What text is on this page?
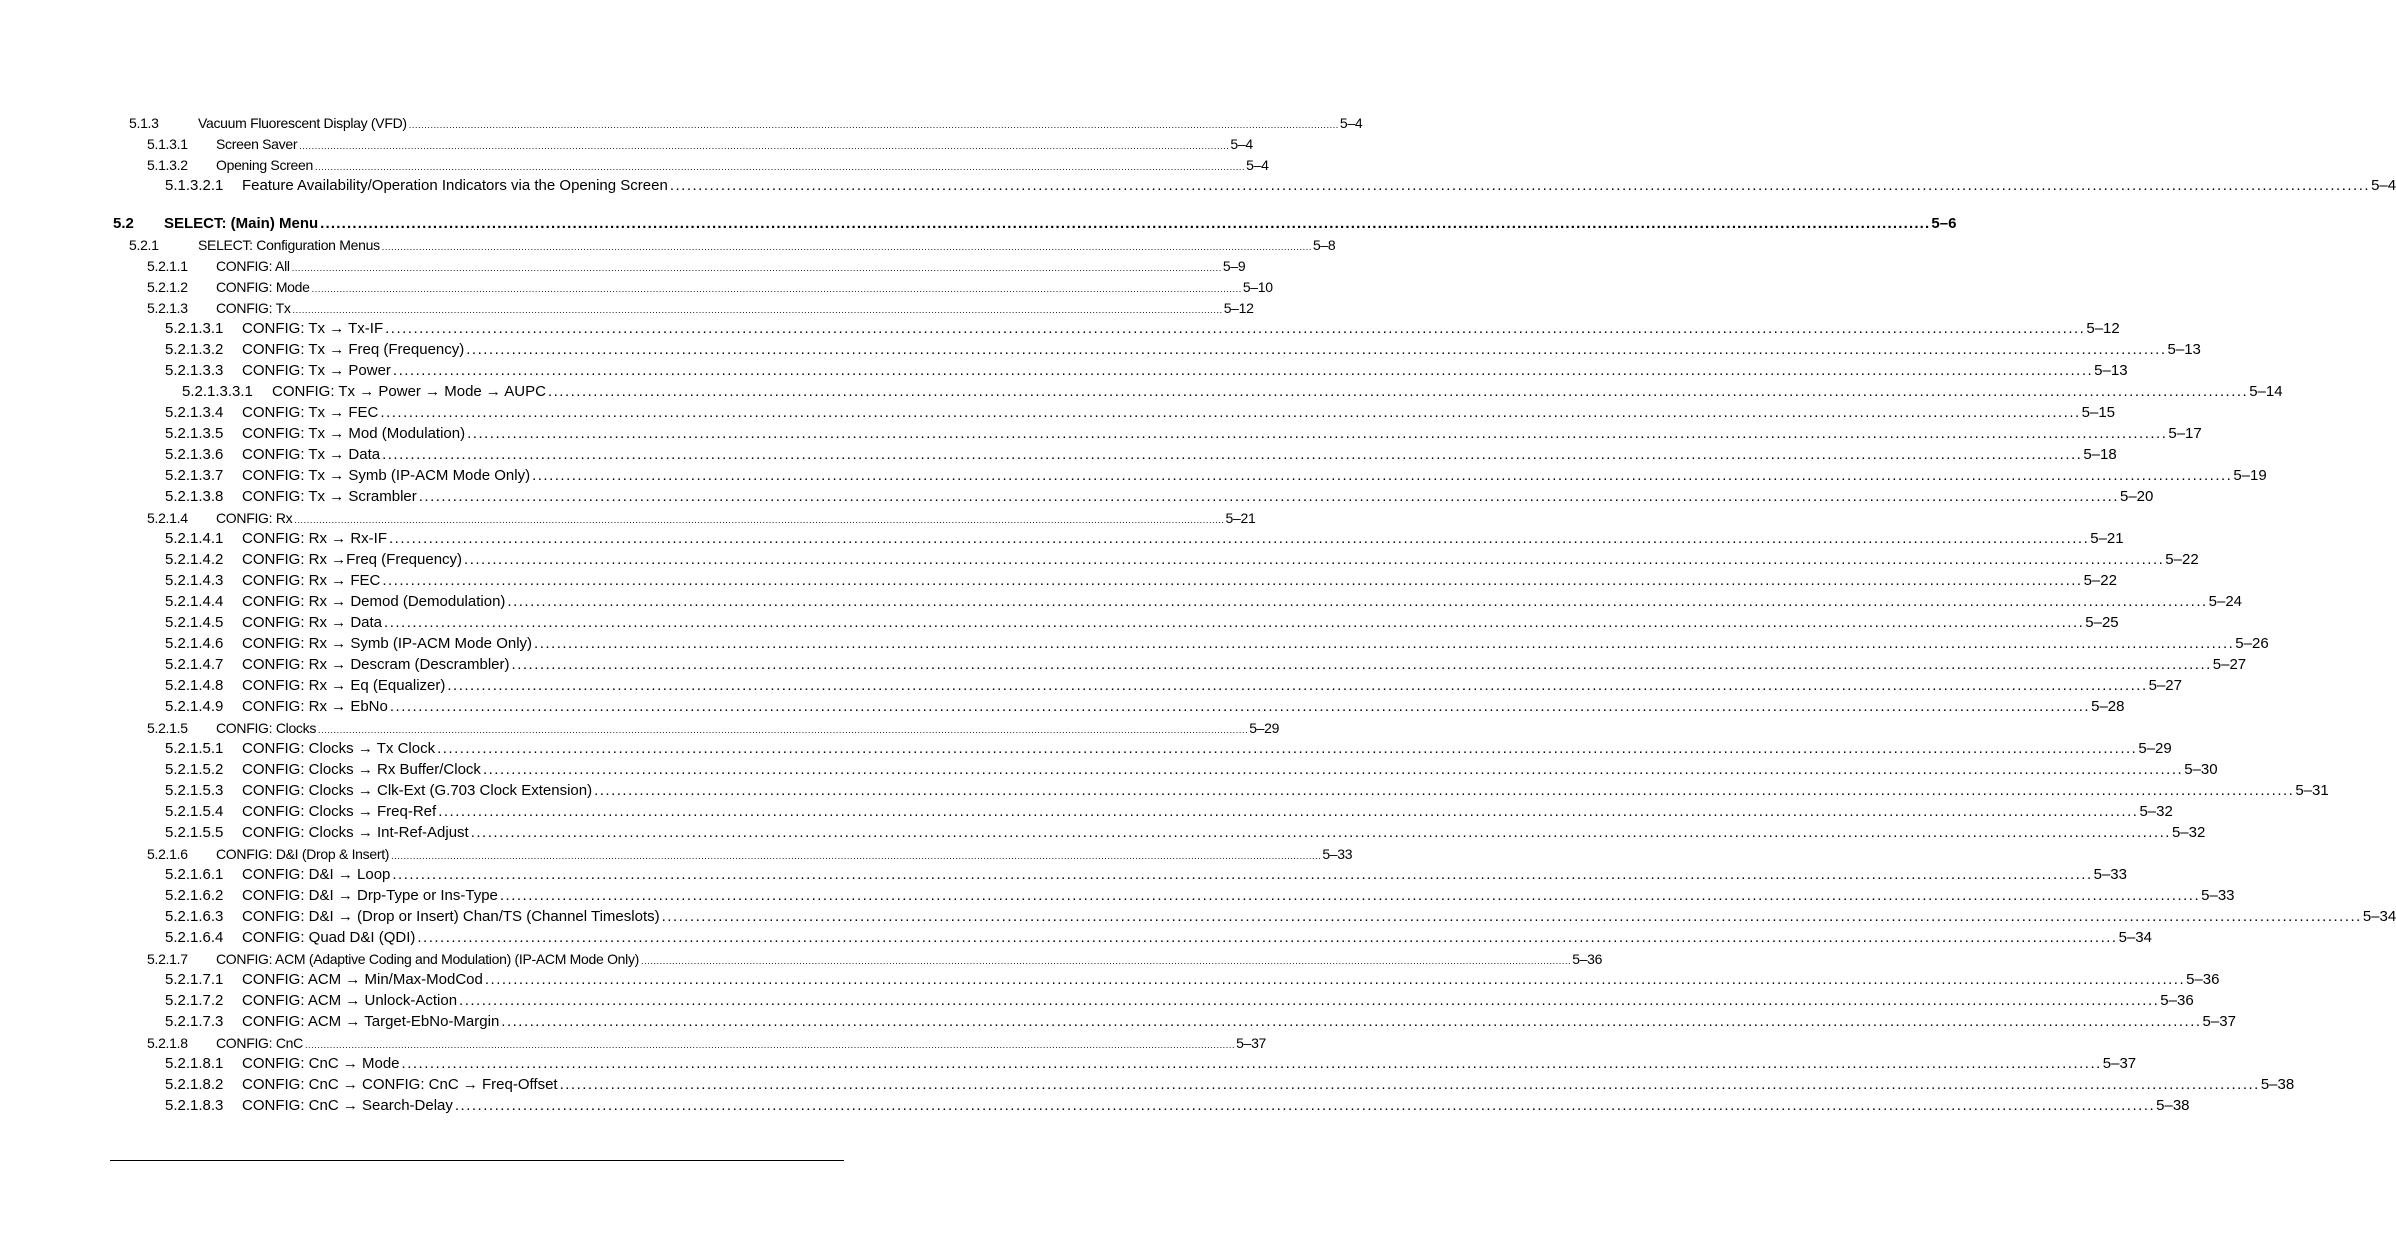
5.1.3	Vacuum Fluorescent Display (VFD) ............................................................................................................................................................................................................................................................................................................ 5–4
5.1.3.1	Screen Saver ............................................................................................................................................................................................................................................................................................................ 5–4
5.1.3.2	Opening Screen ............................................................................................................................................................................................................................................................................................................ 5–4
5.1.3.2.1	Feature Availability/Operation Indicators via the Opening Screen ............................................................................................................................................................................................................................................................................................................ 5–4
5.2	SELECT: (Main) Menu ............................................................................................................................................................................................................................................................................................................ 5–6
5.2.1	SELECT: Configuration Menus ............................................................................................................................................................................................................................................................................................................ 5–8
5.2.1.1	CONFIG: All ............................................................................................................................................................................................................................................................................................................ 5–9
5.2.1.2	CONFIG: Mode ............................................................................................................................................................................................................................................................................................................ 5–10
5.2.1.3	CONFIG: Tx ............................................................................................................................................................................................................................................................................................................ 5–12
5.2.1.3.1	CONFIG: Tx → Tx-IF ............................................................................................................................................................................................................................................................................................................ 5–12
5.2.1.3.2	CONFIG: Tx → Freq (Frequency) ............................................................................................................................................................................................................................................................................................................ 5–13
5.2.1.3.3	CONFIG: Tx → Power ............................................................................................................................................................................................................................................................................................................ 5–13
5.2.1.3.3.1	CONFIG: Tx → Power → Mode → AUPC ............................................................................................................................................................................................................................................................................................................ 5–14
5.2.1.3.4	CONFIG: Tx → FEC ............................................................................................................................................................................................................................................................................................................ 5–15
5.2.1.3.5	CONFIG: Tx → Mod (Modulation) ............................................................................................................................................................................................................................................................................................................ 5–17
5.2.1.3.6	CONFIG: Tx → Data ............................................................................................................................................................................................................................................................................................................ 5–18
5.2.1.3.7	CONFIG: Tx → Symb (IP-ACM Mode Only) ............................................................................................................................................................................................................................................................................................................ 5–19
5.2.1.3.8	CONFIG: Tx → Scrambler ............................................................................................................................................................................................................................................................................................................ 5–20
5.2.1.4	CONFIG: Rx ............................................................................................................................................................................................................................................................................................................ 5–21
5.2.1.4.1	CONFIG: Rx → Rx-IF ............................................................................................................................................................................................................................................................................................................ 5–21
5.2.1.4.2	CONFIG: Rx →Freq (Frequency) ............................................................................................................................................................................................................................................................................................................ 5–22
5.2.1.4.3	CONFIG: Rx → FEC ............................................................................................................................................................................................................................................................................................................ 5–22
5.2.1.4.4	CONFIG: Rx → Demod (Demodulation) ............................................................................................................................................................................................................................................................................................................ 5–24
5.2.1.4.5	CONFIG: Rx → Data ............................................................................................................................................................................................................................................................................................................ 5–25
5.2.1.4.6	CONFIG: Rx → Symb (IP-ACM Mode Only) ............................................................................................................................................................................................................................................................................................................ 5–26
5.2.1.4.7	CONFIG: Rx → Descram (Descrambler) ............................................................................................................................................................................................................................................................................................................ 5–27
5.2.1.4.8	CONFIG: Rx → Eq (Equalizer) ............................................................................................................................................................................................................................................................................................................ 5–27
5.2.1.4.9	CONFIG: Rx → EbNo ............................................................................................................................................................................................................................................................................................................ 5–28
5.2.1.5	CONFIG: Clocks ............................................................................................................................................................................................................................................................................................................ 5–29
5.2.1.5.1	CONFIG: Clocks → Tx Clock ............................................................................................................................................................................................................................................................................................................ 5–29
5.2.1.5.2	CONFIG: Clocks → Rx Buffer/Clock ............................................................................................................................................................................................................................................................................................................ 5–30
5.2.1.5.3	CONFIG: Clocks → Clk-Ext (G.703 Clock Extension) ............................................................................................................................................................................................................................................................................................................ 5–31
5.2.1.5.4	CONFIG: Clocks → Freq-Ref ............................................................................................................................................................................................................................................................................................................ 5–32
5.2.1.5.5	CONFIG: Clocks → Int-Ref-Adjust ............................................................................................................................................................................................................................................................................................................ 5–32
5.2.1.6	CONFIG: D&I (Drop & Insert) ............................................................................................................................................................................................................................................................................................................ 5–33
5.2.1.6.1	CONFIG: D&I → Loop ............................................................................................................................................................................................................................................................................................................ 5–33
5.2.1.6.2	CONFIG: D&I → Drp-Type or Ins-Type ............................................................................................................................................................................................................................................................................................................ 5–33
5.2.1.6.3	CONFIG: D&I → (Drop or Insert) Chan/TS (Channel Timeslots) ............................................................................................................................................................................................................................................................................................................ 5–34
5.2.1.6.4	CONFIG: Quad D&I (QDI) ............................................................................................................................................................................................................................................................................................................ 5–34
5.2.1.7	CONFIG: ACM (Adaptive Coding and Modulation) (IP-ACM Mode Only) ............................................................................................................................................................................................................................................................................................................ 5–36
5.2.1.7.1	CONFIG: ACM → Min/Max-ModCod ............................................................................................................................................................................................................................................................................................................ 5–36
5.2.1.7.2	CONFIG: ACM → Unlock-Action ............................................................................................................................................................................................................................................................................................................ 5–36
5.2.1.7.3	CONFIG: ACM → Target-EbNo-Margin ............................................................................................................................................................................................................................................................................................................ 5–37
5.2.1.8	CONFIG: CnC ............................................................................................................................................................................................................................................................................................................ 5–37
5.2.1.8.1	CONFIG: CnC → Mode ............................................................................................................................................................................................................................................................................................................ 5–37
5.2.1.8.2	CONFIG: CnC → CONFIG: CnC → Freq-Offset ............................................................................................................................................................................................................................................................................................................ 5–38
5.2.1.8.3	CONFIG: CnC → Search-Delay ............................................................................................................................................................................................................................................................................................................ 5–38
